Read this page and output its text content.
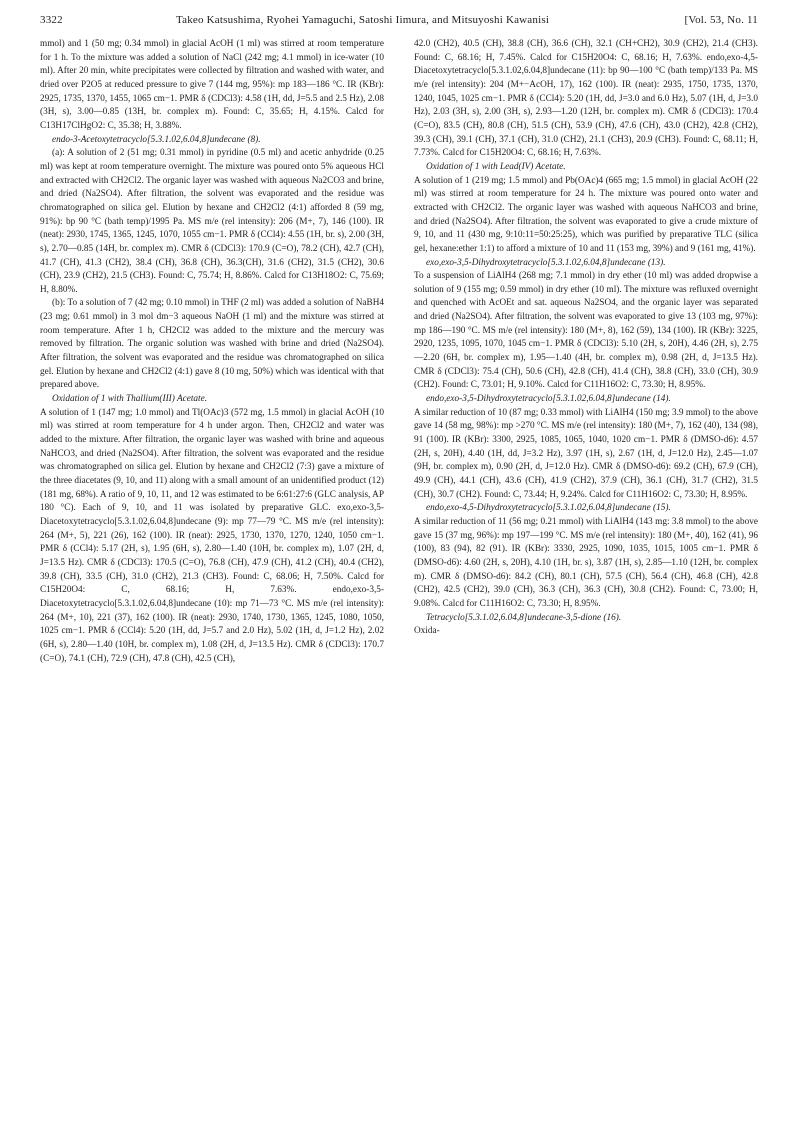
3322	Takeo Katsushima, Ryohei Yamaguchi, Satoshi Iimura, and Mitsuyoshi Kawanisi	[Vol. 53, No. 11

mmol) and 1 (50 mg; 0.34 mmol) in glacial AcOH (1 ml) was stirred at room temperature for 1 h. To the mixture was added a solution of NaCl (242 mg; 4.1 mmol) in ice-water (10 ml). After 20 min, white precipitates were collected by filtration and washed with water, and dried over P2O5 at reduced pressure to give 7 (144 mg, 95%): mp 183—186 °C. IR (KBr): 2925, 1735, 1370, 1455, 1065 cm−1. PMR δ (CDCl3): 4.58 (1H, dd, J=5.5 and 2.5 Hz), 2.08 (3H, s), 3.00—0.85 (13H, br. complex m). Found: C, 35.65; H, 4.15%. Calcd for C13H17ClHgO2: C, 35.38; H, 3.88%.

endo-3-Acetoxytetracyclo[5.3.1.02,6.04,8]undecane (8).

(a): A solution of 2 (51 mg; 0.31 mmol) in pyridine (0.5 ml) and acetic anhydride (0.25 ml) was kept at room temperature overnight. The mixture was poured onto 5% aqueous HCl and extracted with CH2Cl2. The organic layer was washed with aqueous Na2CO3 and brine, and dried (Na2SO4). After filtration, the solvent was evaporated and the residue was chromatographed on silica gel. Elution by hexane and CH2Cl2 (4:1) afforded 8 (59 mg, 91%): bp 90 °C (bath temp)/1995 Pa. MS m/e (rel intensity): 206 (M+, 7), 146 (100). IR (neat): 2930, 1745, 1365, 1245, 1070, 1055 cm−1. PMR δ (CCl4): 4.55 (1H, br. s), 2.00 (3H, s), 2.70—0.85 (14H, br. complex m). CMR δ (CDCl3): 170.9 (C=O), 78.2 (CH), 42.7 (CH), 41.7 (CH), 41.3 (CH2), 38.4 (CH), 36.8 (CH), 36.3(CH), 31.6 (CH2), 31.5 (CH2), 30.6 (CH), 23.9 (CH2), 21.5 (CH3). Found: C, 75.74; H, 8.86%. Calcd for C13H18O2: C, 75.69; H, 8.80%.

(b): To a solution of 7 (42 mg; 0.10 mmol) in THF (2 ml) was added a solution of NaBH4 (23 mg; 0.61 mmol) in 3 mol dm−3 aqueous NaOH (1 ml) and the mixture was stirred at room temperature. After 1 h, CH2Cl2 was added to the mixture and the mercury was removed by filtration. The organic solution was washed with brine and dried (Na2SO4). After filtration, the solvent was evaporated and the residue was chromatographed on silica gel. Elution by hexane and CH2Cl2 (4:1) gave 8 (10 mg, 50%) which was identical with that prepared above.

Oxidation of 1 with Thallium(III) Acetate.

A solution of 1 (147 mg; 1.0 mmol) and Tl(OAc)3 (572 mg, 1.5 mmol) in glacial AcOH (10 ml) was stirred at room temperature for 4 h under argon. Then, CH2Cl2 and water was added to the mixture. After filtration, the organic layer was washed with brine and aqueous NaHCO3, and dried (Na2SO4). After filtration, the solvent was evaporated and the residue was chromatographed on silica gel. Elution by hexane and CH2Cl2 (7:3) gave a mixture of the three diacetates (9, 10, and 11) along with a small amount of an unidentified product (12) (181 mg, 68%). A ratio of 9, 10, 11, and 12 was estimated to be 6:61:27:6 (GLC analysis, AP 180 °C). Each of 9, 10, and 11 was isolated by preparative GLC. exo,exo-3,5-Diacetoxytetracyclo[5.3.1.02,6.04,8]undecane (9): mp 77—79 °C. MS m/e (rel intensity): 264 (M+, 5), 221 (26), 162 (100). IR (neat): 2925, 1730, 1370, 1270, 1240, 1050 cm−1. PMR δ (CCl4): 5.17 (2H, s), 1.95 (6H, s), 2.80—1.40 (10H, br. complex m), 1.07 (2H, d, J=13.5 Hz). CMR δ (CDCl3): 170.5 (C=O), 76.8 (CH), 47.9 (CH), 41.2 (CH), 40.4 (CH2), 39.8 (CH), 33.5 (CH), 31.0 (CH2), 21.3 (CH3). Found: C, 68.06; H, 7.50%. Calcd for C15H20O4: C, 68.16; H, 7.63%. endo,exo-3,5-Diacetoxytetracyclo[5.3.1.02,6.04,8]undecane (10): mp 71—73 °C. MS m/e (rel intensity): 264 (M+, 10), 221 (37), 162 (100). IR (neat): 2930, 1740, 1730, 1365, 1245, 1080, 1050, 1025 cm−1. PMR δ (CCl4): 5.20 (1H, dd, J=5.7 and 2.0 Hz), 5.02 (1H, d, J=1.2 Hz), 2.02 (6H, s), 2.80—1.40 (10H, br. complex m), 1.08 (2H, d, J=13.5 Hz). CMR δ (CDCl3): 170.7 (C=O), 74.1 (CH), 72.9 (CH), 47.8 (CH), 42.5 (CH),

42.0 (CH2), 40.5 (CH), 38.8 (CH), 36.6 (CH), 32.1 (CH+CH2), 30.9 (CH2), 21.4 (CH3). Found: C, 68.16; H, 7.45%. Calcd for C15H20O4: C, 68.16; H, 7.63%. endo,exo-4,5-Diacetoxytetracyclo[5.3.1.02,6.04,8]undecane (11): bp 90—100 °C (bath temp)/133 Pa. MS m/e (rel intensity): 204 (M+−AcOH, 17), 162 (100). IR (neat): 2935, 1750, 1735, 1370, 1240, 1045, 1025 cm−1. PMR δ (CCl4): 5.20 (1H, dd, J=3.0 and 6.0 Hz), 5.07 (1H, d, J=3.0 Hz), 2.03 (3H, s), 2.00 (3H, s), 2.93—1.20 (12H, br. complex m). CMR δ (CDCl3): 170.4 (C=O), 83.5 (CH), 80.8 (CH), 51.5 (CH), 53.9 (CH), 47.6 (CH), 43.0 (CH2), 42.8 (CH2), 39.3 (CH), 39.1 (CH), 37.1 (CH), 31.0 (CH2), 21.1 (CH3), 20.9 (CH3). Found: C, 68.11; H, 7.73%. Calcd for C15H20O4: C, 68.16; H, 7.63%.

Oxidation of 1 with Lead(IV) Acetate.

A solution of 1 (219 mg; 1.5 mmol) and Pb(OAc)4 (665 mg; 1.5 mmol) in glacial AcOH (22 ml) was stirred at room temperature for 24 h. The mixture was poured onto water and extracted with CH2Cl2. The organic layer was washed with aqueous NaHCO3 and brine, and dried (Na2SO4). After filtration, the solvent was evaporated to give a crude mixture of 9, 10, and 11 (430 mg, 9:10:11=50:25:25), which was purified by preparative TLC (silica gel, hexane:ether 1:1) to afford a mixture of 10 and 11 (153 mg, 39%) and 9 (161 mg, 41%).

exo,exo-3,5-Dihydroxytetracyclo[5.3.1.02,6.04,8]undecane (13).

To a suspension of LiAlH4 (268 mg; 7.1 mmol) in dry ether (10 ml) was added dropwise a solution of 9 (155 mg; 0.59 mmol) in dry ether (10 ml). The mixture was refluxed overnight and quenched with AcOEt and sat. aqueous Na2SO4, and the organic layer was separated and dried (Na2SO4). After filtration, the solvent was evaporated to give 13 (103 mg, 97%): mp 186—190 °C. MS m/e (rel intensity): 180 (M+, 8), 162 (59), 134 (100). IR (KBr): 3225, 2920, 1235, 1095, 1070, 1045 cm−1. PMR δ (CDCl3): 5.10 (2H, s, 20H), 4.46 (2H, s), 2.75—2.20 (6H, br. complex m), 1.95—1.40 (4H, br. complex m), 0.98 (2H, d, J=13.5 Hz). CMR δ (CDCl3): 75.4 (CH), 50.6 (CH), 42.8 (CH), 41.4 (CH), 38.8 (CH), 33.0 (CH), 30.9 (CH2). Found: C, 73.01; H, 9.10%. Calcd for C11H16O2: C, 73.30; H, 8.95%.

endo,exo-3,5-Dihydroxytetracyclo[5.3.1.02,6.04,8]undecane (14).

A similar reduction of 10 (87 mg; 0.33 mmol) with LiAlH4 (150 mg; 3.9 mmol) to the above gave 14 (58 mg, 98%): mp >270 °C. MS m/e (rel intensity): 180 (M+, 7), 162 (40), 134 (98), 91 (100). IR (KBr): 3300, 2925, 1085, 1065, 1040, 1020 cm−1. PMR δ (DMSO-d6): 4.57 (2H, s, 20H), 4.40 (1H, dd, J=3.2 Hz), 3.97 (1H, s), 2.67 (1H, d, J=12.0 Hz), 2.45—1.07 (9H, br. complex m), 0.90 (2H, d, J=12.0 Hz). CMR δ (DMSO-d6): 69.2 (CH), 67.9 (CH), 49.9 (CH), 44.1 (CH), 43.6 (CH), 41.9 (CH2), 37.9 (CH), 36.1 (CH), 31.7 (CH2), 31.5 (CH), 30.7 (CH2). Found: C, 73.44; H, 9.24%. Calcd for C11H16O2: C, 73.30; H, 8.95%.

endo,exo-4,5-Dihydroxytetracyclo[5.3.1.02,6.04,8]undecane (15).

A similar reduction of 11 (56 mg; 0.21 mmol) with LiAlH4 (143 mg: 3.8 mmol) to the above gave 15 (37 mg, 96%): mp 197—199 °C. MS m/e (rel intensity): 180 (M+, 40), 162 (41), 96 (100), 83 (94), 82 (91). IR (KBr): 3330, 2925, 1090, 1035, 1015, 1005 cm−1. PMR δ (DMSO-d6): 4.60 (2H, s, 20H), 4.10 (1H, br. s), 3.87 (1H, s), 2.85—1.10 (12H, br. complex m). CMR δ (DMSO-d6): 84.2 (CH), 80.1 (CH), 57.5 (CH), 56.4 (CH), 46.8 (CH), 42.8 (CH2), 42.5 (CH2), 39.0 (CH), 36.3 (CH), 36.3 (CH), 30.8 (CH2). Found: C, 73.00; H, 9.08%. Calcd for C11H16O2: C, 73.30; H, 8.95%.

Tetracyclo[5.3.1.02,6.04,8]undecane-3,5-dione (16).

Oxida-
